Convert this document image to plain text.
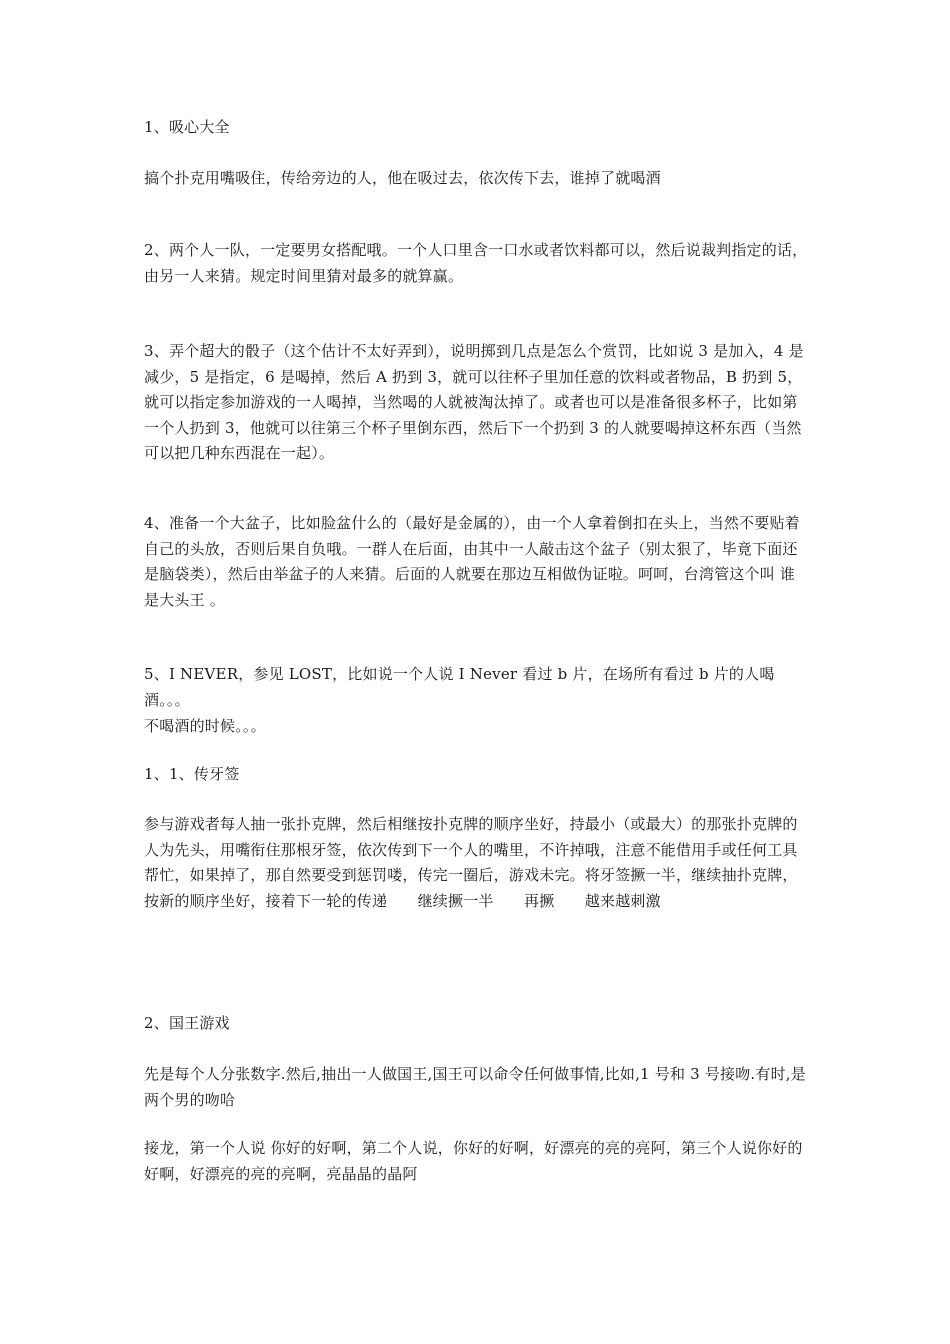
1、吸心大全

搞个扑克用嘴吸住，传给旁边的人，他在吸过去，依次传下去，谁掉了就喝酒

2、两个人一队，一定要男女搭配哦。一个人口里含一口水或者饮料都可以，然后说裁判指定的话，由另一人来猜。规定时间里猜对最多的就算赢。

3、弄个超大的骰子（这个估计不太好弄到），说明掷到几点是怎么个赏罚，比如说 3 是加入，4 是减少，5 是指定，6 是喝掉，然后 A 扔到 3，就可以往杯子里加任意的饮料或者物品，B 扔到 5，就可以指定参加游戏的一人喝掉，当然喝的人就被淘汰掉了。或者也可以是准备很多杯子，比如第一个人扔到 3，他就可以往第三个杯子里倒东西，然后下一个扔到 3 的人就要喝掉这杯东西（当然可以把几种东西混在一起）。

4、准备一个大盆子，比如脸盆什么的（最好是金属的），由一个人拿着倒扣在头上，当然不要贴着自己的头放，否则后果自负哦。一群人在后面，由其中一人敲击这个盆子（别太狠了，毕竟下面还是脑袋类），然后由举盆子的人来猜。后面的人就要在那边互相做伪证啦。呵呵，台湾管这个叫 谁是大头王 。

5、I NEVER，参见 LOST，比如说一个人说 I Never 看过 b 片，在场所有看过 b 片的人喝酒。。。

不喝酒的时候。。。

1、1、传牙签

参与游戏者每人抽一张扑克牌，然后相继按扑克牌的顺序坐好，持最小（或最大）的那张扑克牌的人为先头，用嘴衔住那根牙签，依次传到下一个人的嘴里，不许掉哦，注意不能借用手或任何工具帮忙，如果掉了，那自然要受到惩罚喽，传完一圈后，游戏未完。将牙签撅一半，继续抽扑克牌，按新的顺序坐好，接着下一轮的传递　　继续撅一半　　再撅　　越来越刺激

2、国王游戏

先是每个人分张数字.然后,抽出一人做国王,国王可以命令任何做事情,比如,1 号和 3 号接吻.有时,是两个男的吻哈

接龙，第一个人说 你好的好啊，第二个人说，你好的好啊，好漂亮的亮的亮阿，第三个人说你好的好啊，好漂亮的亮的亮啊，亮晶晶的晶阿
